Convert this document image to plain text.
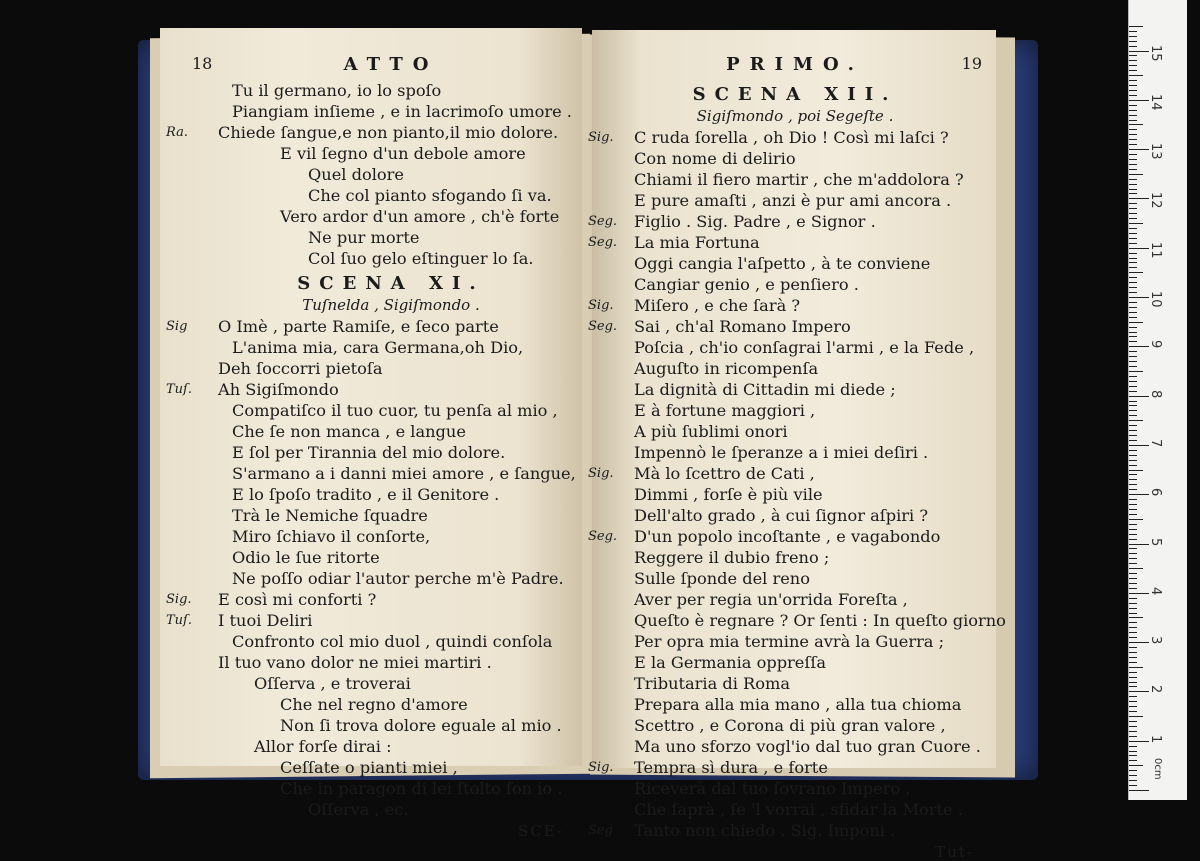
18	ATTO
Tu il germano, io lo spoſo
Piangiam inſieme , e in lacrimoſo umore .
Ra.	Chiede ſangue,e non pianto,il mio dolore.
E vil ſegno d'un debole amore
Quel dolore
Che col pianto sfogando ſi va.
Vero ardor d'un amore , ch'è forte
Ne pur morte
Col ſuo gelo eſtinguer lo ſa.
SCENA XI.
Tuſnelda , Sigiſmondo .
Sig	O Imè , parte Ramiſe, e ſeco parte
L'anima mia, cara Germana,oh Dio,
Deh ſoccorri pietoſa
Tuſ.	Ah Sigiſmondo
Compatiſco il tuo cuor, tu penſa al mio ,
Che ſe non manca , e langue
E ſol per Tirannia del mio dolore.
S'armano a i danni miei amore , e ſangue,
E lo ſpoſo tradito , e il Genitore .
Trà le Nemiche ſquadre
Miro ſchiavo il conſorte,
Odio le ſue ritorte
Ne poſſo odiar l'autor perche m'è Padre.
Sig.	E così mi conforti ?
Tuſ.	I tuoi Deliri
Confronto col mio duol , quindi conſola
Il tuo vano dolor ne miei martiri .
Oſſerva , e troverai
Che nel regno d'amore
Non ſi trova dolore eguale al mio .
Allor forſe dirai :
Ceſſate o pianti miei ,
Che in paragon di lei ſtolto ſon io .
Oſſerva , ec.
SCE-
PRIMO.	19
SCENA XII.
Sigiſmondo , poi Segeſte .
Sig.	C ruda ſorella , oh Dio ! Così mi laſci ?
Con nome di delirio
Chiami il fiero martir , che m'addolora ?
E pure amaſti , anzi è pur ami ancora .
Seg.	Figlio . Sig. Padre , e Signor .
Seg.	La mia Fortuna
Oggi cangia l'aſpetto , à te conviene
Cangiar genio , e penſiero .
Sig.	Miſero , e che ſarà ?
Seg.	Sai , ch'al Romano Impero
Poſcia , ch'io conſagrai l'armi , e la Fede ,
Auguſto in ricompenſa
La dignità di Cittadin mi diede ;
E à fortune maggiori ,
A più ſublimi onori
Impennò le ſperanze a i miei deſiri .
Sig.	Mà lo ſcettro de Cati ,
Dimmi , forſe è più vile
Dell'alto grado , à cui ſignor aſpiri ?
Seg.	D'un popolo incoſtante , e vagabondo
Reggere il dubio freno ;
Sulle ſponde del reno
Aver per regia un'orrida Foreſta ,
Queſto è regnare ? Or ſenti : In queſto giorno
Per opra mia termine avrà la Guerra ;
E la Germania oppreſſa
Tributaria di Roma
Prepara alla mia mano , alla tua chioma
Scettro , e Corona di più gran valore ,
Ma uno sforzo vogl'io dal tuo gran Cuore .
Sig.	Tempra sì dura , e forte
Riceverà dal tuo ſovrano Impero ,
Che ſaprà , ſe 'l vorrai , sfidar la Morte .
Seg	Tanto non chiedo . Sig. Imponi .
Tut-
0cm
1
2
3
4
5
6
7
8
9
10
11
12
13
14
15
